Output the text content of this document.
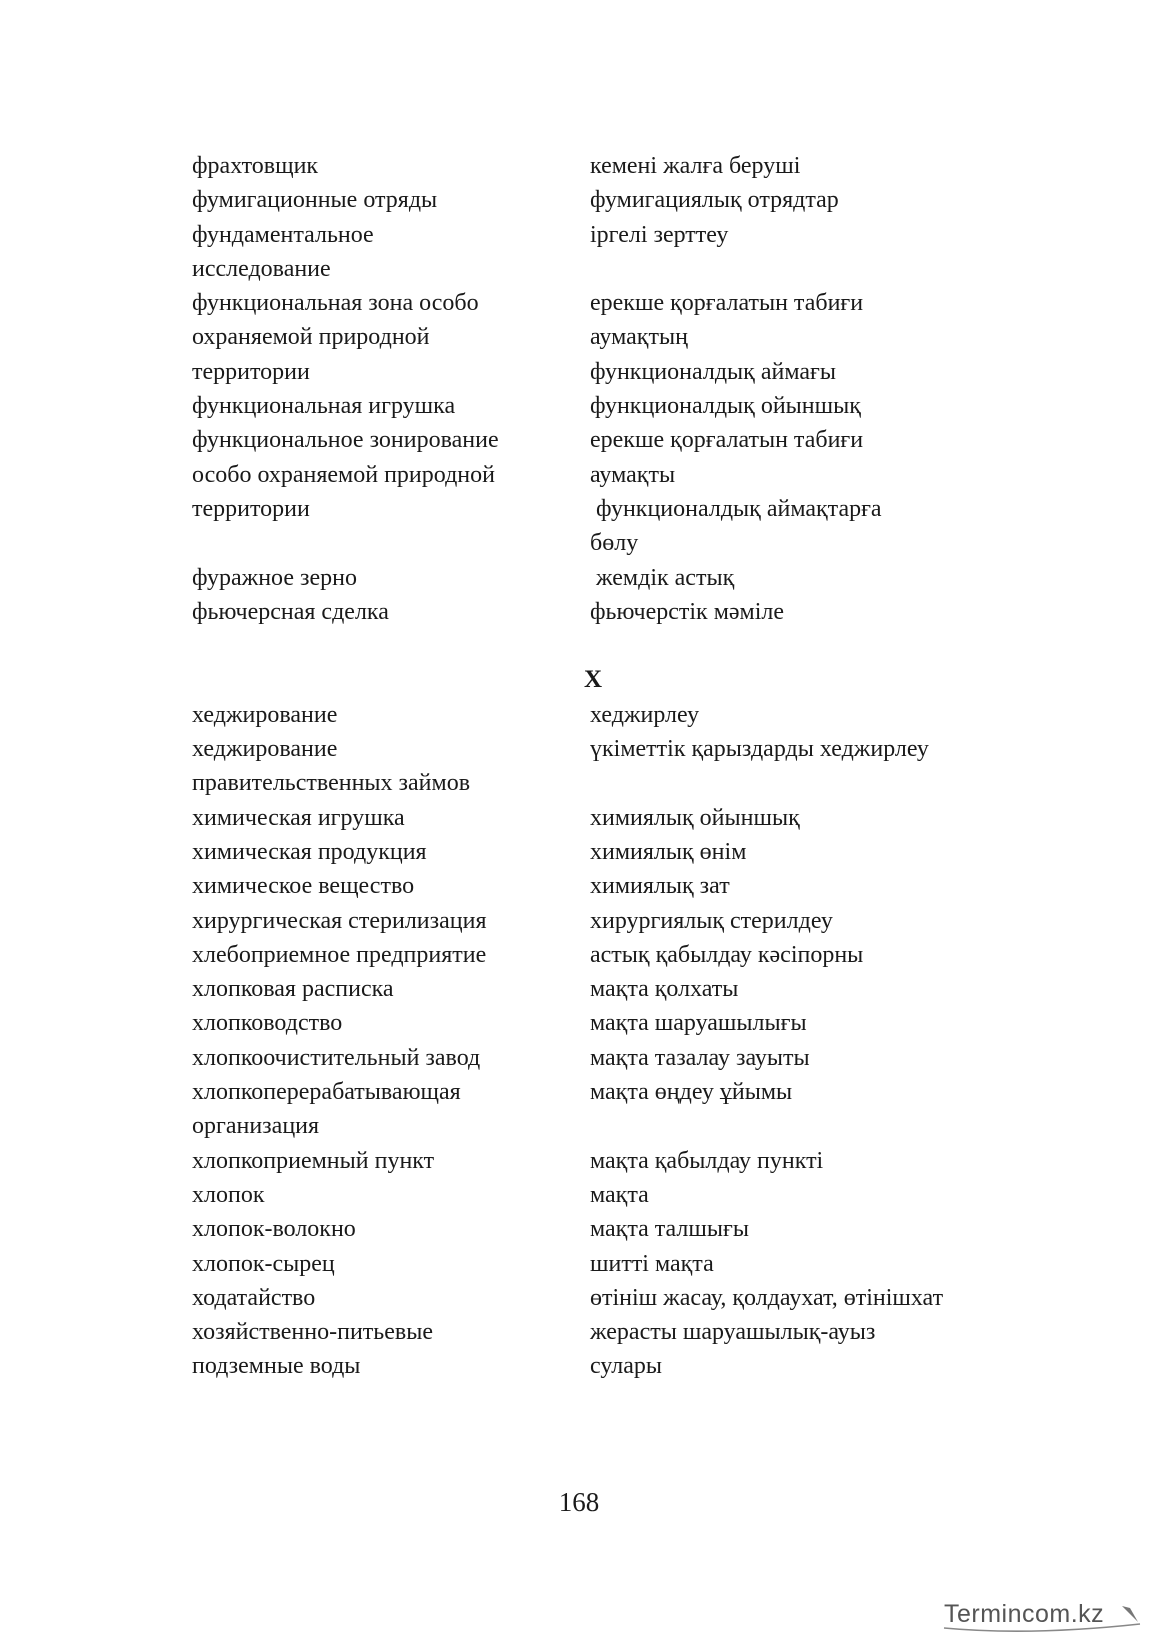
фрахтовщик	кемені жалға беруші
фумигационные отряды	фумигациялық отрядтар
фундаментальное	іргелі зерттеу
исследование
функциональная зона особо	ерекше қорғалатын табиғи
охраняемой природной	аумақтың
территории	функционалдық аймағы
функциональная игрушка	функционалдық ойыншық
функциональное зонирование	ерекше қорғалатын табиғи
особо охраняемой природной	аумақты
территории	функционалдық аймақтарға
бөлу
фуражное зерно	жемдік астық
фьючерсная сделка	фьючерстік мәміле
Х
хеджирование	хеджирлеу
хеджирование	үкіметтік қарыздарды хеджирлеу
правительственных займов
химическая игрушка	химиялық ойыншық
химическая продукция	химиялық өнім
химическое вещество	химиялық зат
хирургическая стерилизация	хирургиялық стерилдеу
хлебоприемное предприятие	астық қабылдау кәсіпорны
хлопковая расписка	мақта қолхаты
хлопководство	мақта шаруашылығы
хлопкоочистительный завод	мақта тазалау зауыты
хлопкоперерабатывающая	мақта өңдеу ұйымы
организация
хлопкоприемный пункт	мақта қабылдау пункті
хлопок	мақта
хлопок-волокно	мақта талшығы
хлопок-сырец	шитті мақта
ходатайство	өтініш жасау, қолдаухат, өтінішхат
хозяйственно-питьевые	жерасты шаруашылық-ауыз
подземные воды	сулары
168
Termincom.kz
